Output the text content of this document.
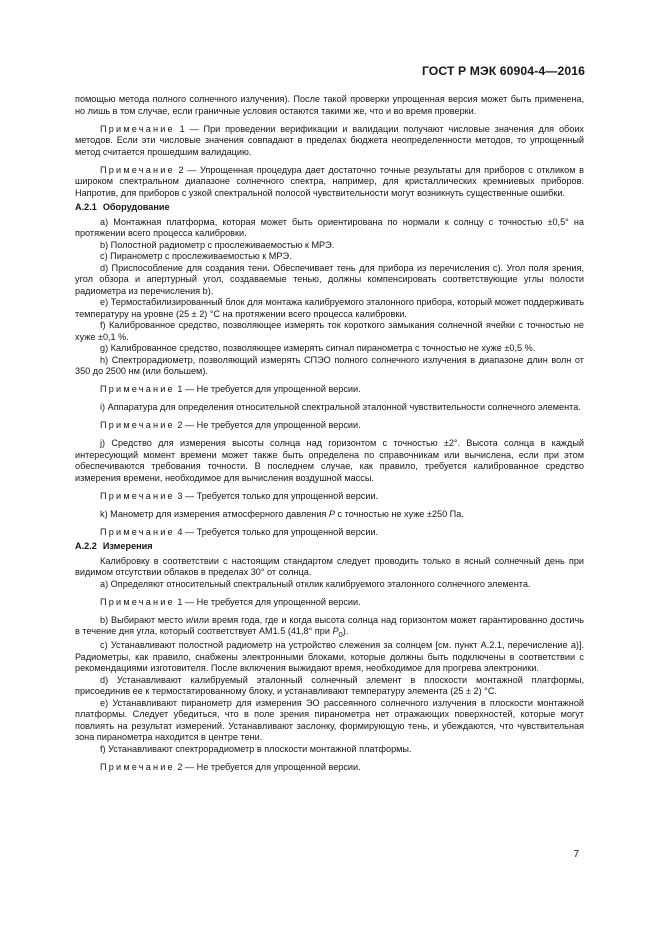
ГОСТ Р МЭК 60904-4—2016

помощью метода полного солнечного излучения). После такой проверки упрощенная версия может быть применена, но лишь в том случае, если граничные условия остаются такими же, что и во время проверки.

Примечание 1 — При проведении верификации и валидации получают числовые значения для обоих методов. Если эти числовые значения совпадают в пределах бюджета неопределенности методов, то упрощенный метод считается прошедшим валидацию.

Примечание 2 — Упрощенная процедура дает достаточно точные результаты для приборов с откликом в широком спектральном диапазоне солнечного спектра, например, для кристаллических кремниевых приборов. Напротив, для приборов с узкой спектральной полосой чувствительности могут возникнуть существенные ошибки.

А.2.1 Оборудование

a) Монтажная платформа, которая может быть ориентирована по нормали к солнцу с точностью ±0,5° на протяжении всего процесса калибровки.

b) Полостной радиометр с прослеживаемостью к МРЭ.

c) Пиранометр с прослеживаемостью к МРЭ.

d) Приспособление для создания тени. Обеспечивает тень для прибора из перечисления с). Угол поля зрения, угол обзора и апертурный угол, создаваемые тенью, должны компенсировать соответствующие углы полости радиометра из перечисления b).

e) Термостабилизированный блок для монтажа калибруемого эталонного прибора, который может поддерживать температуру на уровне (25 ± 2) °С на протяжении всего процесса калибровки.

f) Калиброванное средство, позволяющее измерять ток короткого замыкания солнечной ячейки с точностью не хуже ±0,1 %.

g) Калиброванное средство, позволяющее измерять сигнал пиранометра с точностью не хуже ±0,5 %.

h) Спектрорадиометр, позволяющий измерять СПЭО полного солнечного излучения в диапазоне длин волн от 350 до 2500 нм (или большем).

Примечание 1 — Не требуется для упрощенной версии.

i) Аппаратура для определения относительной спектральной эталонной чувствительности солнечного элемента.

Примечание 2 — Не требуется для упрощенной версии.

j) Средство для измерения высоты солнца над горизонтом с точностью ±2°. Высота солнца в каждый интересующий момент времени может также быть определена по справочникам или вычислена, если при этом обеспечиваются требования точности. В последнем случае, как правило, требуется калиброванное средство измерения времени, необходимое для вычисления воздушной массы.

Примечание 3 — Требуется только для упрощенной версии.

k) Манометр для измерения атмосферного давления P с точностью не хуже ±250 Па.

Примечание 4 — Требуется только для упрощенной версии.

А.2.2 Измерения

Калибровку в соответствии с настоящим стандартом следует проводить только в ясный солнечный день при видимом отсутствии облаков в пределах 30° от солнца.

a) Определяют относительный спектральный отклик калибруемого эталонного солнечного элемента.

Примечание 1 — Не требуется для упрощенной версии.

b) Выбирают место и/или время года, где и когда высота солнца над горизонтом может гарантированно достичь в течение дня угла, который соответствует АМ1.5 (41,8° при $P_0$).

c) Устанавливают полостной радиометр на устройство слежения за солнцем [см. пункт А.2.1, перечисление а)]. Радиометры, как правило, снабжены электронными блоками, которые должны быть подключены в соответствии с рекомендациями изготовителя. После включения выжидают время, необходимое для прогрева электроники.

d) Устанавливают калибруемый эталонный солнечный элемент в плоскости монтажной платформы, присоединив ее к термостатированному блоку, и устанавливают температуру элемента (25 ± 2) °С.

e) Устанавливают пиранометр для измерения ЭО рассеянного солнечного излучения в плоскости монтажной платформы. Следует убедиться, что в поле зрения пиранометра нет отражающих поверхностей, которые могут повлиять на результат измерений. Устанавливают заслонку, формирующую тень, и убеждаются, что чувствительная зона пиранометра находится в центре тени.

f) Устанавливают спектрорадиометр в плоскости монтажной платформы.

Примечание 2 — Не требуется для упрощенной версии.

7
